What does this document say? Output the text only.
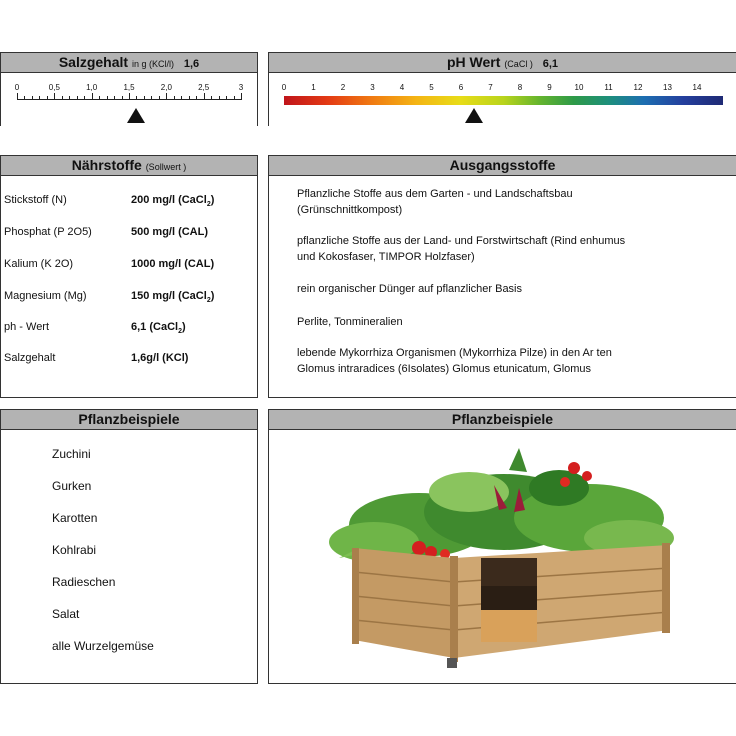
Salzgehalt in g (KCl/l) 1,6
0	0,5	1,0	1,5	2,0	2,5	3
pH Wert (CaCl ) 6,1
0	1	2	3	4	5	6	7	8	9	10	11	12	13	14
Nährstoffe (Sollwert )
Stickstoff (N)	200 mg/l (CaCl$_2$)
Phosphat (P 2O5)	500 mg/l (CAL)
Kalium (K 2O)	1000 mg/l (CAL)
Magnesium (Mg)	150 mg/l (CaCl$_2$)
ph - Wert	6,1 (CaCl$_2$)
Salzgehalt	1,6g/l (KCl)
Ausgangsstoffe
Pflanzliche Stoffe aus dem Garten - und Landschaftsbau
(Grünschnittkompost)
pflanzliche Stoffe aus der Land- und Forstwirtschaft (Rind enhumus
und Kokosfaser, TIMPOR Holzfaser)
rein organischer Dünger auf pflanzlicher Basis
Perlite, Tonmineralien
lebende Mykorrhiza Organismen (Mykorrhiza Pilze) in den Ar ten
Glomus intraradices (6Isolates) Glomus etunicatum, Glomus
Pflanzbeispiele
Zuchini
Gurken
Karotten
Kohlrabi
Radieschen
Salat
alle Wurzelgemüse
Pflanzbeispiele
